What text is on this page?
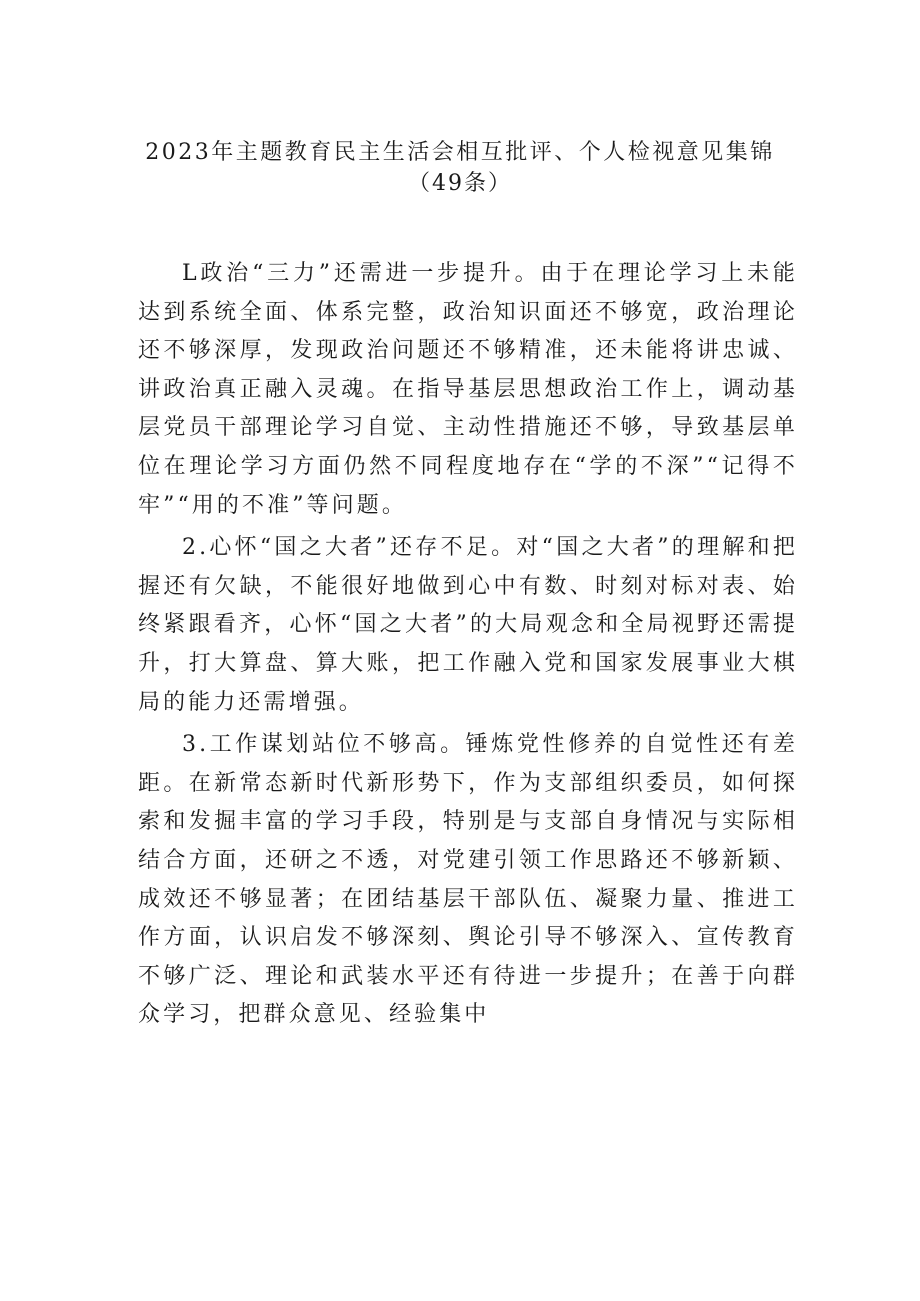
2023年主题教育民主生活会相互批评、个人检视意见集锦
（49条）

L政治“三力”还需进一步提升。由于在理论学习上未能达到系统全面、体系完整，政治知识面还不够宽，政治理论还不够深厚，发现政治问题还不够精准，还未能将讲忠诚、讲政治真正融入灵魂。在指导基层思想政治工作上，调动基层党员干部理论学习自觉、主动性措施还不够，导致基层单位在理论学习方面仍然不同程度地存在“学的不深”“记得不牢”“用的不准”等问题。

2.心怀“国之大者”还存不足。对“国之大者”的理解和把握还有欠缺，不能很好地做到心中有数、时刻对标对表、始终紧跟看齐，心怀“国之大者”的大局观念和全局视野还需提升，打大算盘、算大账，把工作融入党和国家发展事业大棋局的能力还需增强。

3.工作谋划站位不够高。锤炼党性修养的自觉性还有差距。在新常态新时代新形势下，作为支部组织委员，如何探索和发掘丰富的学习手段，特别是与支部自身情况与实际相结合方面，还研之不透，对党建引领工作思路还不够新颖、成效还不够显著；在团结基层干部队伍、凝聚力量、推进工作方面，认识启发不够深刻、舆论引导不够深入、宣传教育不够广泛、理论和武装水平还有待进一步提升；在善于向群众学习，把群众意见、经验集中
